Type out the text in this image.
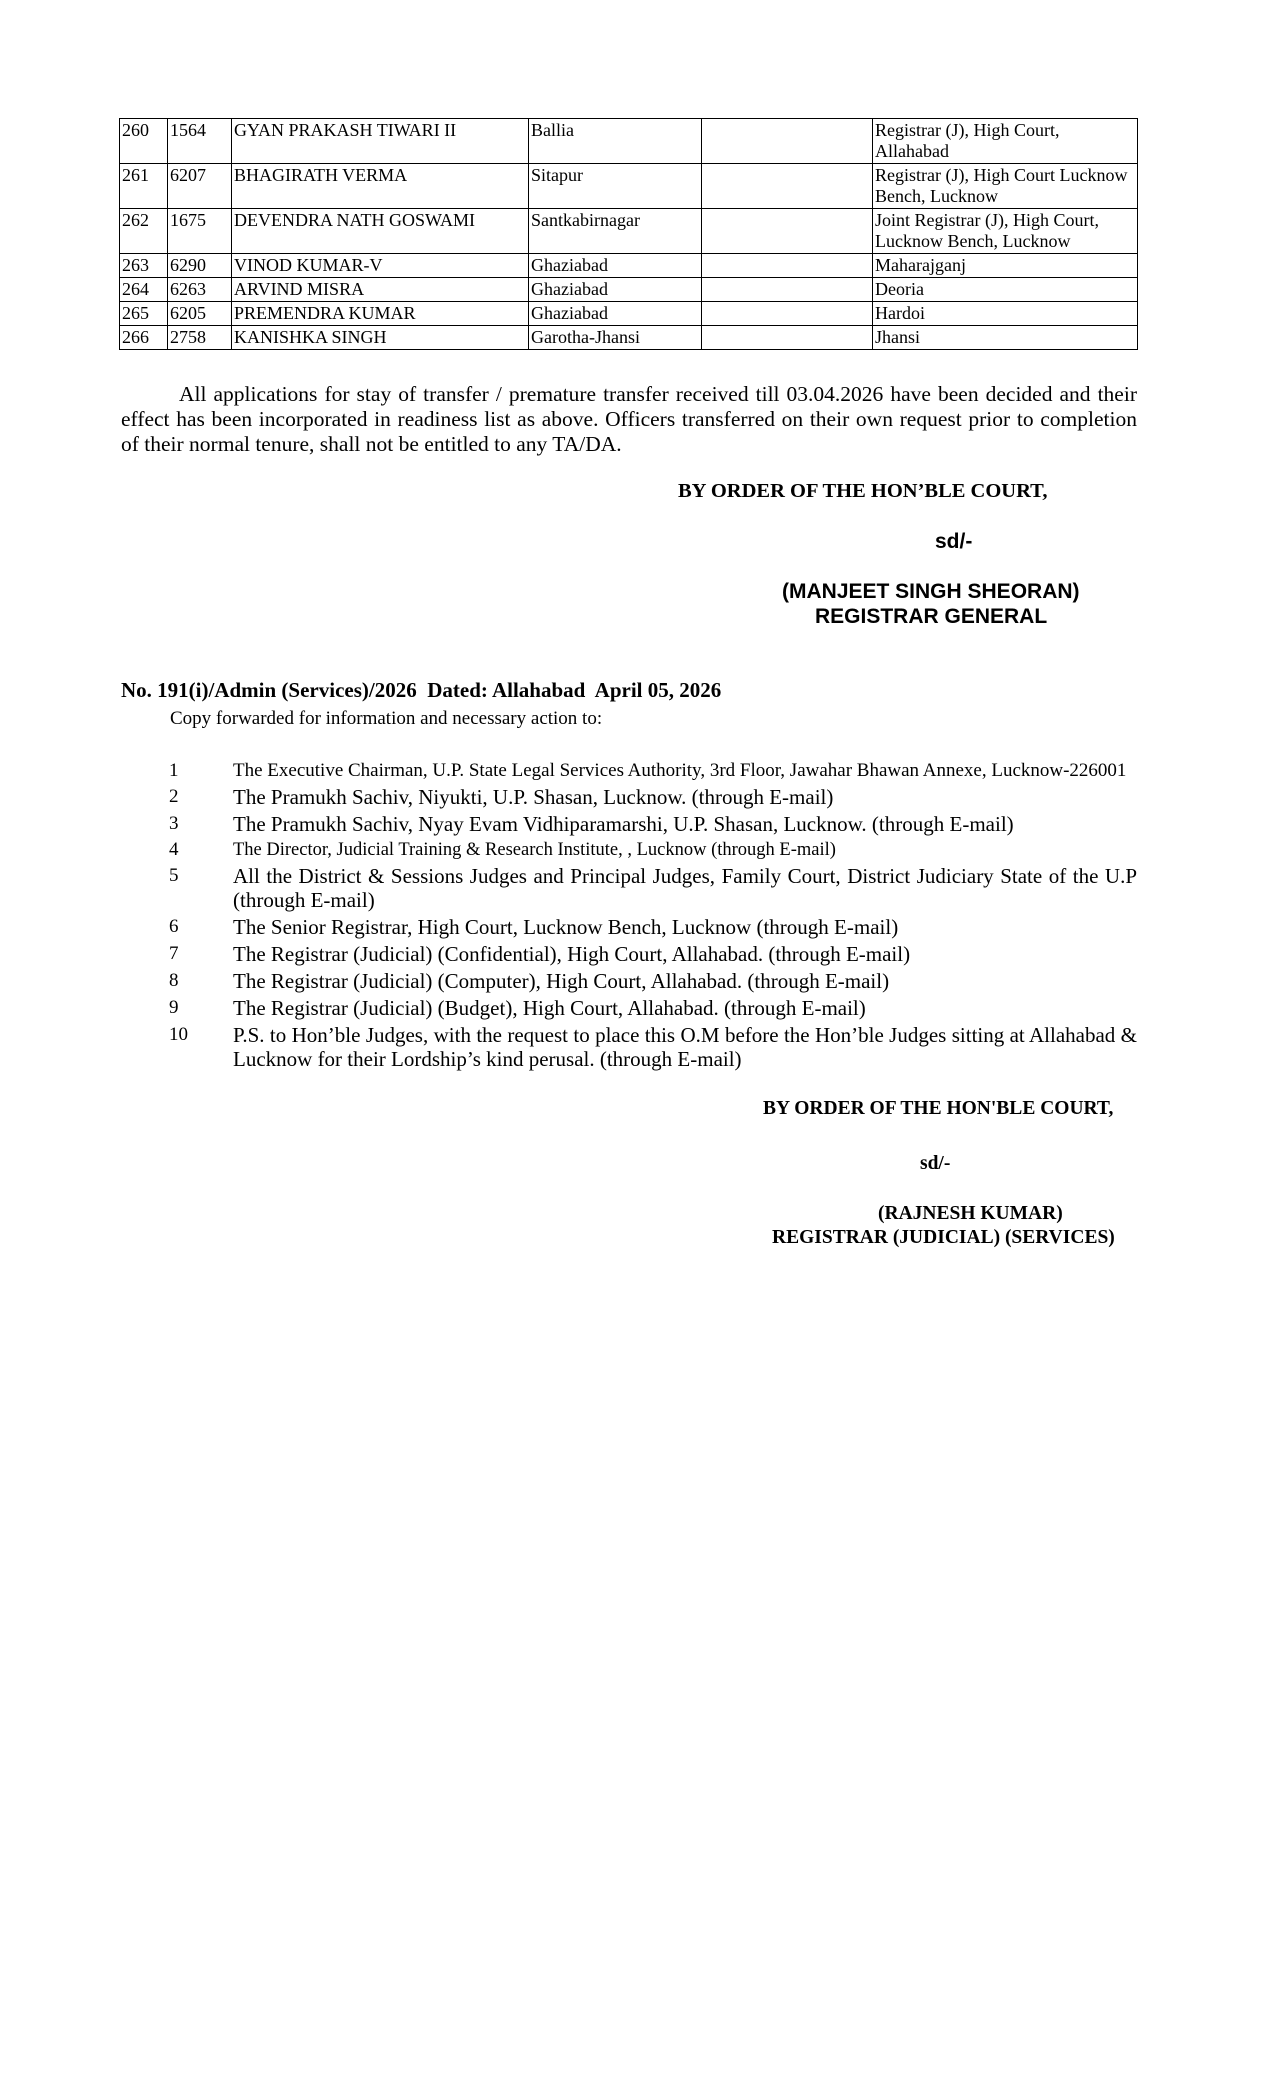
260	1564	GYAN PRAKASH TIWARI II	Ballia		Registrar (J), High Court, Allahabad
261	6207	BHAGIRATH VERMA	Sitapur		Registrar (J), High Court Lucknow Bench, Lucknow
262	1675	DEVENDRA NATH GOSWAMI	Santkabirnagar		Joint Registrar (J), High Court, Lucknow Bench, Lucknow
263	6290	VINOD KUMAR-V	Ghaziabad		Maharajganj
264	6263	ARVIND MISRA	Ghaziabad		Deoria
265	6205	PREMENDRA KUMAR	Ghaziabad		Hardoi
266	2758	KANISHKA SINGH	Garotha-Jhansi		Jhansi

All applications for stay of transfer / premature transfer received till 03.04.2026 have been decided and their effect has been incorporated in readiness list as above. Officers transferred on their own request prior to completion of their normal tenure, shall not be entitled to any TA/DA.

BY ORDER OF THE HON’BLE COURT,
sd/-
(MANJEET SINGH SHEORAN)
REGISTRAR GENERAL
No. 191(i)/Admin (Services)/2026  Dated: Allahabad  April 05, 2026
Copy forwarded for information and necessary action to:
1	The Executive Chairman, U.P. State Legal Services Authority, 3rd Floor, Jawahar Bhawan Annexe, Lucknow-226001
2	The Pramukh Sachiv, Niyukti, U.P. Shasan, Lucknow. (through E-mail)
3	The Pramukh Sachiv, Nyay Evam Vidhiparamarshi, U.P. Shasan, Lucknow. (through E-mail)
4	The Director, Judicial Training & Research Institute, , Lucknow (through E-mail)
5	All the District & Sessions Judges and Principal Judges, Family Court, District Judiciary State of the U.P (through E-mail)
6	The Senior Registrar, High Court, Lucknow Bench, Lucknow (through E-mail)
7	The Registrar (Judicial) (Confidential), High Court, Allahabad. (through E-mail)
8	The Registrar (Judicial) (Computer), High Court, Allahabad. (through E-mail)
9	The Registrar (Judicial) (Budget), High Court, Allahabad. (through E-mail)
10 P.S. to Hon’ble Judges, with the request to place this O.M before the Hon’ble Judges sitting at Allahabad & Lucknow for their Lordship’s kind perusal. (through E-mail)
BY ORDER OF THE HON'BLE COURT,
sd/-
(RAJNESH KUMAR)
REGISTRAR (JUDICIAL) (SERVICES)
